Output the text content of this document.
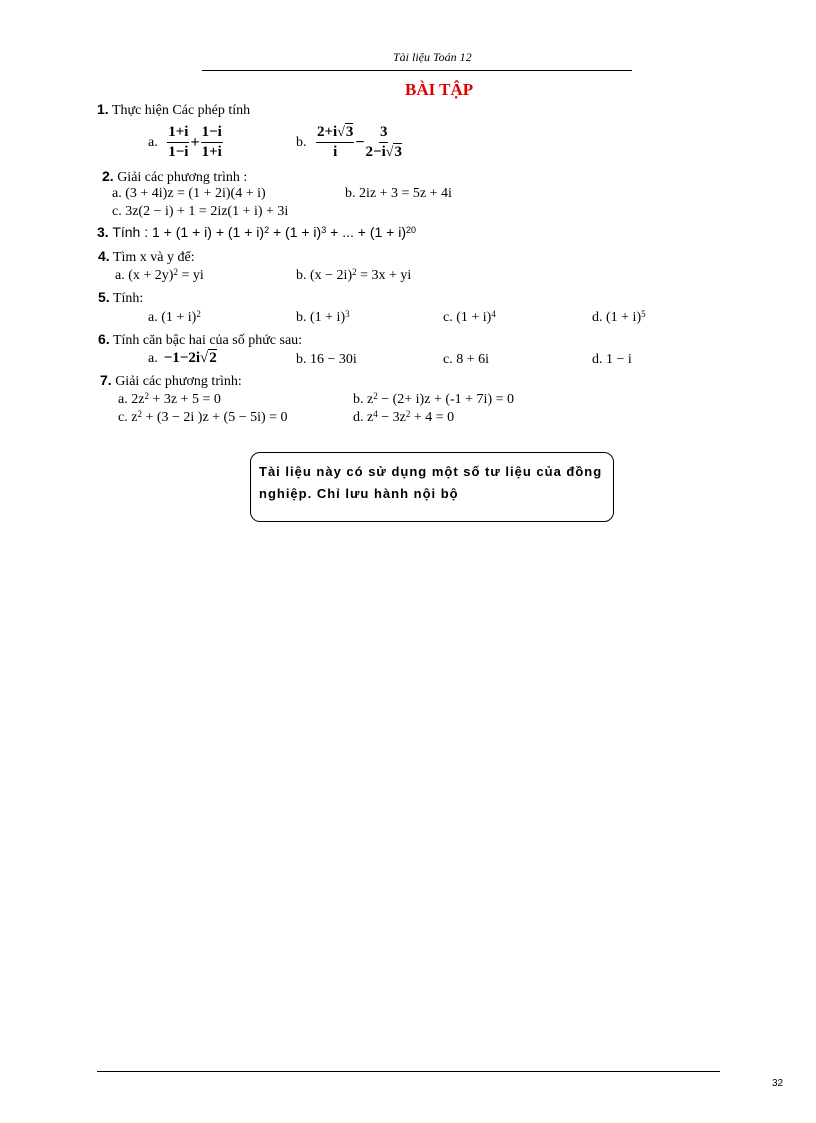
Tài liệu Toán 12
BÀI TẬP
1. Thực hiện Các phép tính
a. $\frac{1+i}{1-i} + \frac{1-i}{1+i}$	b. $\frac{2+i√3}{i} - \frac{3}{2-i√3}$
2. Giải các phương trình :
a. (3 + 4i)z = (1 + 2i)(4 + i)	b. 2iz + 3 = 5z + 4i
c. 3z(2 − i) + 1 = 2iz(1 + i) + 3i
3. Tính : $1 + (1 + i) + (1 + i)^2 + (1 + i)^3$ + ... + $(1 + i)^{20}$
4. Tìm x và y để:
a. $(x + 2y)^2$ = yi	b. $(x - 2i)^2 = 3x$ + yi
5. Tính:
a. $(1 + i)^2$	b. $(1 + i)^3$	c. $(1 + i)^4$	d. $(1 + i)^5$
6. Tính căn bậc hai của số phức sau:
a. −1−2i√2	b. 16 − 30i	c. 8 + 6i	d. 1 − i
7. Giải các phương trình:
a. $2z^2 + 3z + 5 = 0$	b. $z^2 - (2+ i)z + (-1 + 7i) = 0$
c. $z^2 + (3 - 2i$ )z + (5 − 5i) = 0	d. $z^4 - 3z^2 + 4 = 0$
Tài liệu này có sử dụng một số tư liệu của đồng
nghiệp. Chỉ lưu hành nội bộ
32
